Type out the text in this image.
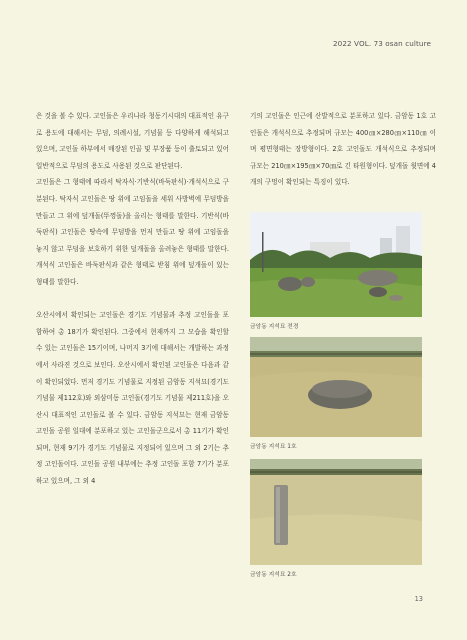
2022 VOL. 73 osan culture

은 것을 볼 수 있다. 고인돌은 우리나라 청동기시대의 대표적인 유구로 용도에 대해서는 무덤, 의례시설, 기념물 등 다양하게 해석되고 있으며, 고인돌 하부에서 매장된 인골 및 부장품 등이 출토되고 있어 일반적으로 무덤의 용도로 사용된 것으로 판단된다.

고인돌은 그 형태에 따라서 탁자식·기반식(바둑판식)·개석식으로 구분된다. 탁자식 고인돌은 땅 위에 고임돌을 세워 사방벽에 무덤방을 만들고 그 위에 덮개돌(뚜껑돌)을 올리는 형태를 말한다. 기반식(바둑판식) 고인돌은 땅속에 무덤방을 먼저 만들고 땅 위에 고임돌을 놓지 않고 무덤을 보호하기 위한 덮개돌을 올려놓은 형태를 말한다. 개석식 고인돌은 바둑판식과 같은 형태로 받침 위에 덮개돌이 있는 형태를 말한다.

오산시에서 확인되는 고인돌은 경기도 기념물과 추정 고인돌을 포함하여 총 18기가 확인된다. 그중에서 현재까지 그 모습을 확인할 수 있는 고인돌은 15기이며, 나머지 3기에 대해서는 개발하는 과정에서 사라진 것으로 보인다. 오산시에서 확인된 고인돌은 다음과 같이 확인되었다. 먼저 경기도 기념물로 지정된 금암동 지석묘(경기도기념물 제112호)와 외삼미동 고인돌(경기도 기념물 제211호)을 오산시 대표적인 고인돌로 볼 수 있다. 금암동 지석묘는 현재 금암동 고인돌 공원 일대에 분포하고 있는 고인돌군으로서 총 11기가 확인되며, 현재 9기가 경기도 기념물로 지정되어 있으며 그 외 2기는 추정 고인돌이다. 고인돌 공원 내부에는 추정 고인돌 포함 7기가 분포하고 있으며, 그 외 4

기의 고인돌은 인근에 산발적으로 분포하고 있다. 금암동 1호 고인돌은 개석식으로 추정되며 규모는 400㎝×280㎝×110㎝ 이며 평면형태는 장방형이다. 2호 고인돌도 개석식으로 추정되며 규모는 210㎝×195㎝×70㎝로 긴 타원형이다. 덮개돌 윗면에 4개의 구멍이 확인되는 특징이 있다.

금암동 지석묘 전경
금암동 지석묘 1호
금암동 지석묘 2호
13
